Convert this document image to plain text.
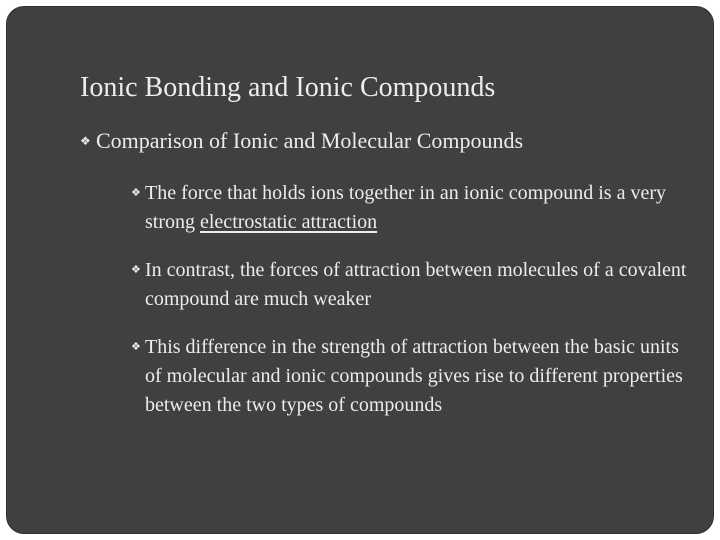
Ionic Bonding and Ionic Compounds
❖ Comparison of Ionic and Molecular Compounds
❖ The force that holds ions together in an ionic compound is a very strong electrostatic attraction
❖ In contrast, the forces of attraction between molecules of a covalent compound are much weaker
❖ This difference in the strength of attraction between the basic units of molecular and ionic compounds gives rise to different properties between the two types of compounds
